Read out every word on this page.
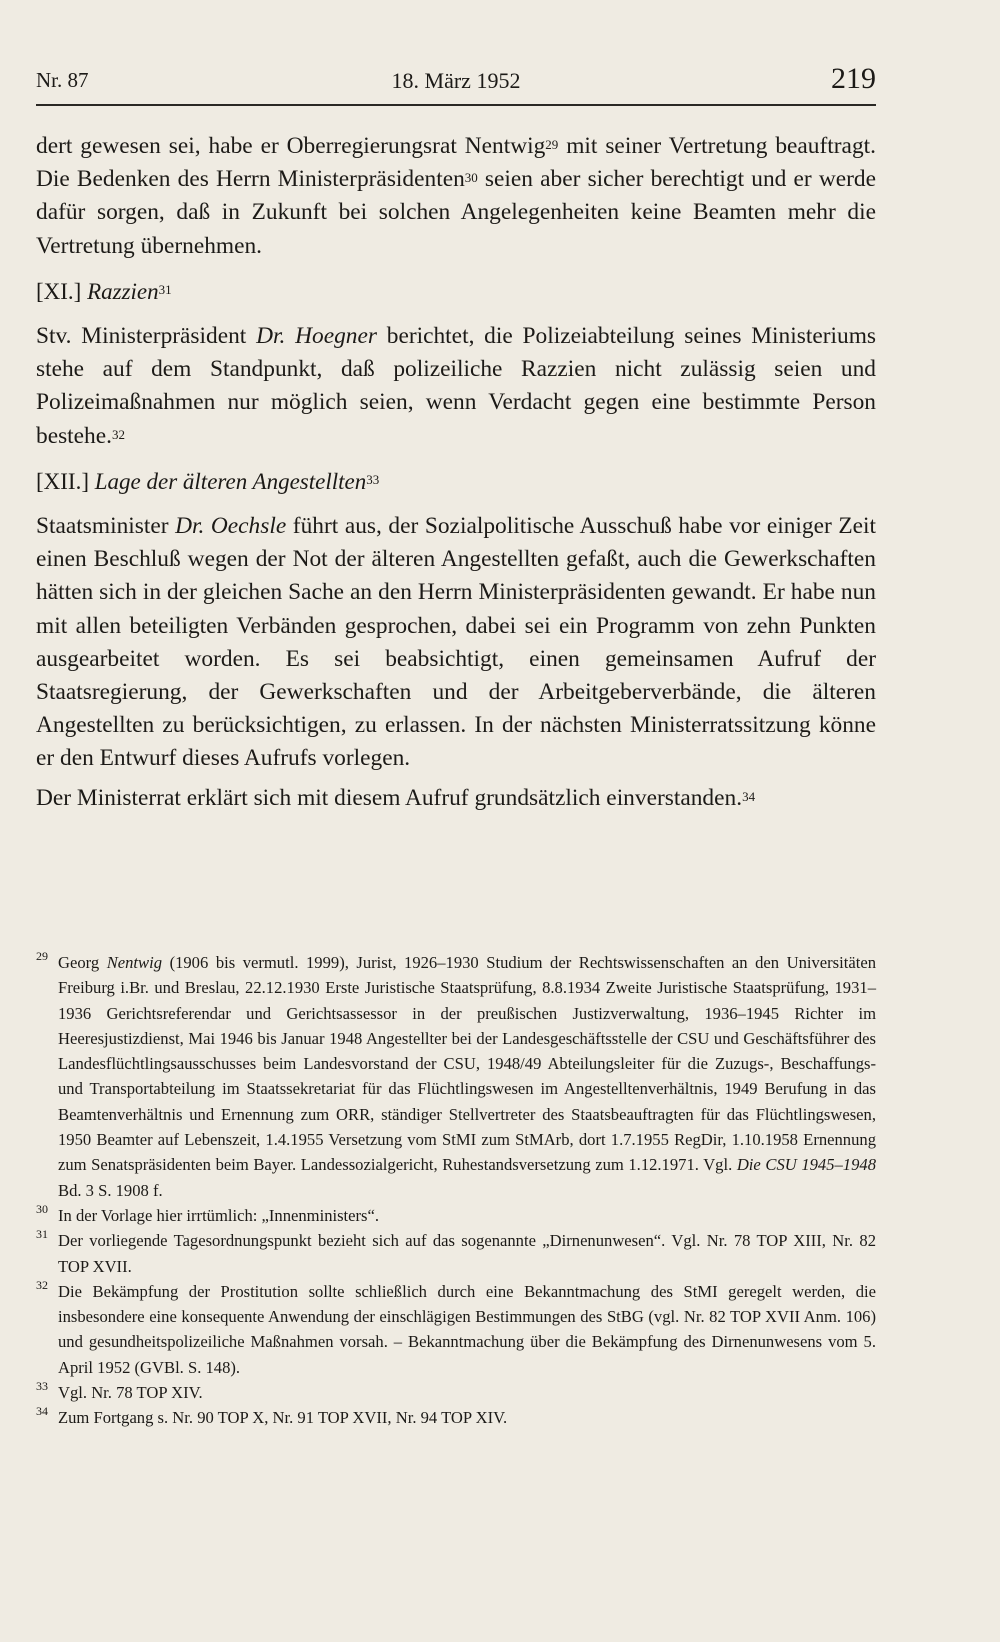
Nr. 87	18. März 1952	219

dert gewesen sei, habe er Oberregierungsrat Nentwig$^{29}$ mit seiner Vertretung beauftragt. Die Bedenken des Herrn Ministerpräsidenten$^{30}$ seien aber sicher berechtigt und er werde dafür sorgen, daß in Zukunft bei solchen Angelegenheiten keine Beamten mehr die Vertretung übernehmen.

[XI.] Razzien$^{31}$

Stv. Ministerpräsident Dr. Hoegner berichtet, die Polizeiabteilung seines Ministeriums stehe auf dem Standpunkt, daß polizeiliche Razzien nicht zulässig seien und Polizeimaßnahmen nur möglich seien, wenn Verdacht gegen eine bestimmte Person bestehe.$^{32}$

[XII.] Lage der älteren Angestellten$^{33}$

Staatsminister Dr. Oechsle führt aus, der Sozialpolitische Ausschuß habe vor einiger Zeit einen Beschluß wegen der Not der älteren Angestellten gefaßt, auch die Gewerkschaften hätten sich in der gleichen Sache an den Herrn Ministerpräsidenten gewandt. Er habe nun mit allen beteiligten Verbänden gesprochen, dabei sei ein Programm von zehn Punkten ausgearbeitet worden. Es sei beabsichtigt, einen gemeinsamen Aufruf der Staatsregierung, der Gewerkschaften und der Arbeitgeberverbände, die älteren Angestellten zu berücksichtigen, zu erlassen. In der nächsten Ministerratssitzung könne er den Entwurf dieses Aufrufs vorlegen.

Der Ministerrat erklärt sich mit diesem Aufruf grundsätzlich einverstanden.$^{34}$

29 Georg Nentwig (1906 bis vermutl. 1999), Jurist, 1926–1930 Studium der Rechtswissenschaften an den Universitäten Freiburg i.Br. und Breslau, 22.12.1930 Erste Juristische Staatsprüfung, 8.8.1934 Zweite Juristische Staatsprüfung, 1931–1936 Gerichtsreferendar und Gerichtsassessor in der preußischen Justizverwaltung, 1936–1945 Richter im Heeresjustizdienst, Mai 1946 bis Januar 1948 Angestellter bei der Landesgeschäftsstelle der CSU und Geschäftsführer des Landesflüchtlingsausschusses beim Landesvorstand der CSU, 1948/49 Abteilungsleiter für die Zuzugs-, Beschaffungs- und Transportabteilung im Staatssekretariat für das Flüchtlingswesen im Angestelltenverhältnis, 1949 Berufung in das Beamtenverhältnis und Ernennung zum ORR, ständiger Stellvertreter des Staatsbeauftragten für das Flüchtlingswesen, 1950 Beamter auf Lebenszeit, 1.4.1955 Versetzung vom StMI zum StMArb, dort 1.7.1955 RegDir, 1.10.1958 Ernennung zum Senatspräsidenten beim Bayer. Landessozialgericht, Ruhestandsversetzung zum 1.12.1971. Vgl. Die CSU 1945–1948 Bd. 3 S. 1908 f.
30 In der Vorlage hier irrtümlich: „Innenministers“.
31 Der vorliegende Tagesordnungspunkt bezieht sich auf das sogenannte „Dirnenunwesen“. Vgl. Nr. 78 TOP XIII, Nr. 82 TOP XVII.
32 Die Bekämpfung der Prostitution sollte schließlich durch eine Bekanntmachung des StMI geregelt werden, die insbesondere eine konsequente Anwendung der einschlägigen Bestimmungen des StBG (vgl. Nr. 82 TOP XVII Anm. 106) und gesundheitspolizeiliche Maßnahmen vorsah. – Bekanntmachung über die Bekämpfung des Dirnenunwesens vom 5. April 1952 (GVBl. S. 148).
33 Vgl. Nr. 78 TOP XIV.
34 Zum Fortgang s. Nr. 90 TOP X, Nr. 91 TOP XVII, Nr. 94 TOP XIV.
